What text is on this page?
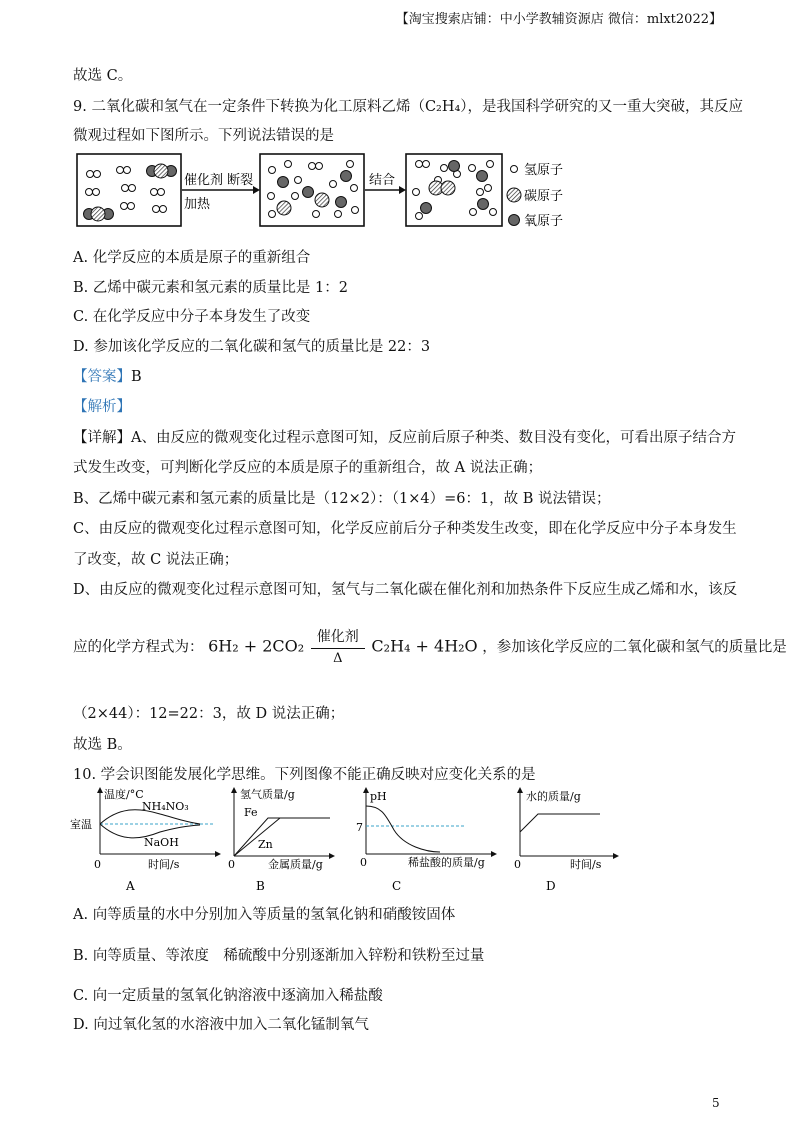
【淘宝搜索店铺：中小学教辅资源店 微信：mlxt2022】
故选 C。
9. 二氧化碳和氢气在一定条件下转换为化工原料乙烯（C₂H₄），是我国科学研究的又一重大突破，其反应
微观过程如下图所示。下列说法错误的是
催化剂 断裂
加热
结合
氢原子
碳原子
氧原子
A. 化学反应的本质是原子的重新组合
B. 乙烯中碳元素和氢元素的质量比是 1：2
C. 在化学反应中分子本身发生了改变
D. 参加该化学反应的二氧化碳和氢气的质量比是 22：3
【答案】B
【解析】
【详解】A、由反应的微观变化过程示意图可知，反应前后原子种类、数目没有变化，可看出原子结合方
式发生改变，可判断化学反应的本质是原子的重新组合，故 A 说法正确；
B、乙烯中碳元素和氢元素的质量比是（12×2）：（1×4）=6：1，故 B 说法错误；
C、由反应的微观变化过程示意图可知，化学反应前后分子种类发生改变，即在化学反应中分子本身发生
了改变，故 C 说法正确；
D、由反应的微观变化过程示意图可知，氢气与二氧化碳在催化剂和加热条件下反应生成乙烯和水，该反
应的化学方程式为： $6H_2 + 2CO_2 \frac{\text{催化剂}}{\Delta} C_2H_4 + 4H_2O$ ，参加该化学反应的二氧化碳和氢气的质量比是
（2×44）：12=22：3，故 D 说法正确；
故选 B。
10. 学会识图能发展化学思维。下列图像不能正确反映对应变化关系的是
温度/°C
NH₄NO₃
NaOH
室温
0	时间/s
A
氢气质量/g
Fe
Zn
0	金属质量/g
B
pH
7
0	稀盐酸的质量/g
C
水的质量/g
0	时间/s
D
A. 向等质量的水中分别加入等质量的氢氧化钠和硝酸铵固体
B. 向等质量、等浓度　稀硫酸中分别逐渐加入锌粉和铁粉至过量
C. 向一定质量的氢氧化钠溶液中逐滴加入稀盐酸
D. 向过氧化氢的水溶液中加入二氧化锰制氧气
5
